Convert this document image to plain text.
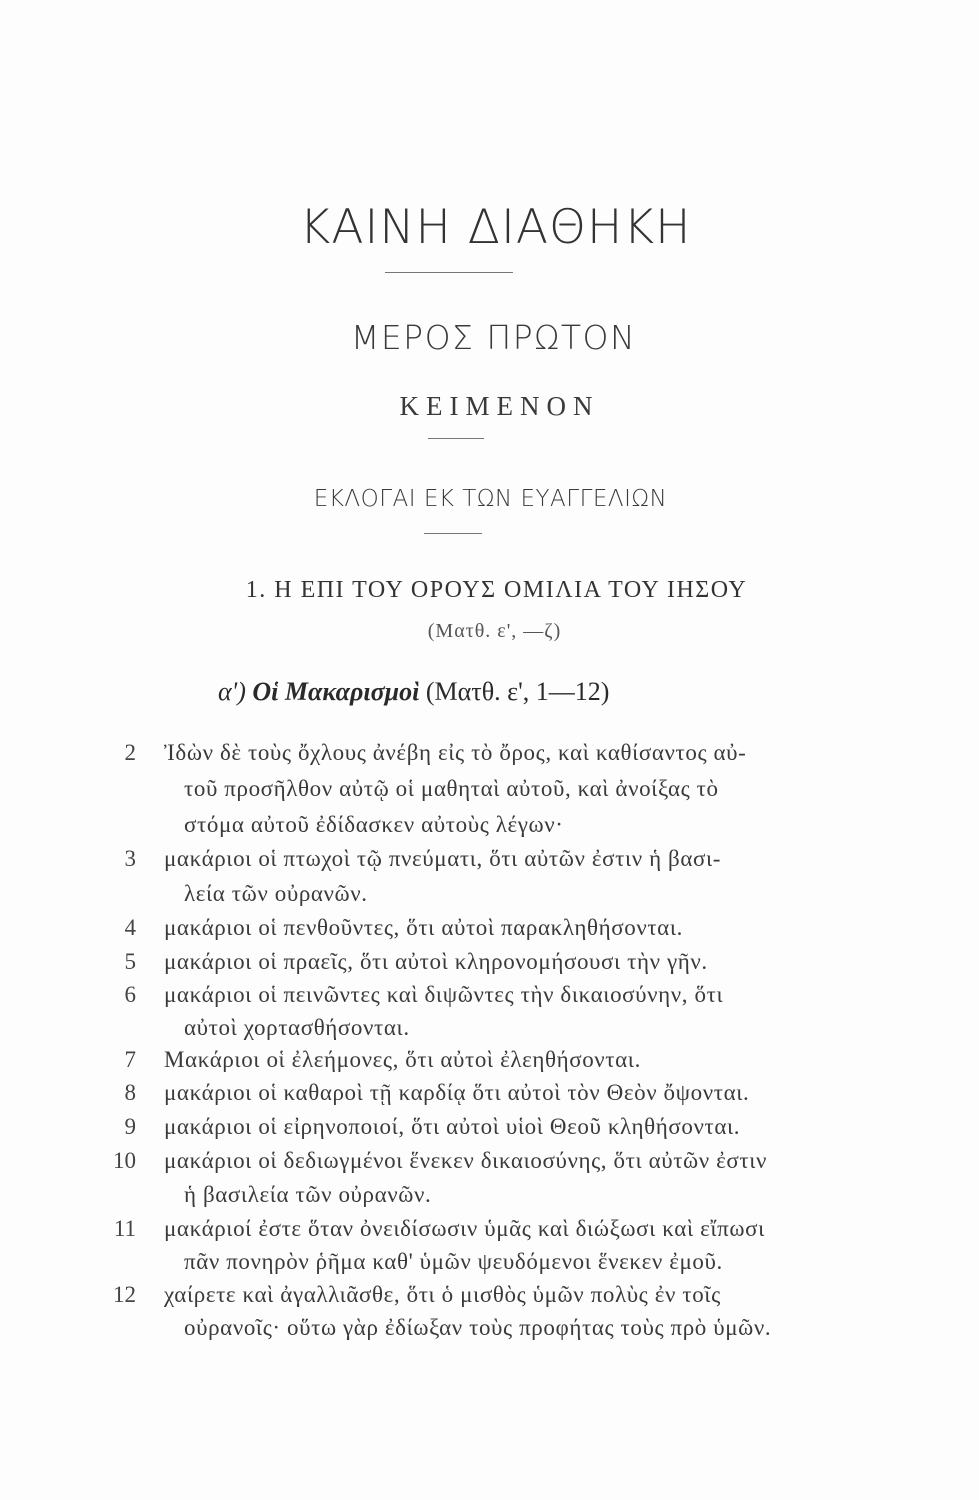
ΚΑΙΝΗ ΔΙΑΘΗΚΗ
ΜΕΡΟΣ ΠΡΩΤΟΝ
ΚΕΙΜΕΝΟΝ
ΕΚΛΟΓΑΙ ΕΚ ΤΩΝ ΕΥΑΓΓΕΛΙΩΝ
1. Η ΕΠΙ ΤΟΥ ΟΡΟΥΣ ΟΜΙΛΙΑ ΤΟΥ ΙΗΣΟΥ
(Ματθ. ε', —ζ)
α') Οἱ Μακαρισμοὶ (Ματθ. ε', 1—12)
2 Ἰδὼν δὲ τοὺς ὄχλους ἀνέβη εἰς τὸ ὄρος, καὶ καθίσαντος αὐ-
τοῦ προσῆλθον αὐτῷ οἱ μαθηταὶ αὐτοῦ, καὶ ἀνοίξας τὸ
στόμα αὐτοῦ ἐδίδασκεν αὐτοὺς λέγων·
3 μακάριοι οἱ πτωχοὶ τῷ πνεύματι, ὅτι αὐτῶν ἐστιν ἡ βασι-
λεία τῶν οὐρανῶν.
4 μακάριοι οἱ πενθοῦντες, ὅτι αὐτοὶ παρακληθήσονται.
5 μακάριοι οἱ πραεῖς, ὅτι αὐτοὶ κληρονομήσουσι τὴν γῆν.
6 μακάριοι οἱ πεινῶντες καὶ διψῶντες τὴν δικαιοσύνην, ὅτι
αὐτοὶ χορτασθήσονται.
7 Μακάριοι οἱ ἐλεήμονες, ὅτι αὐτοὶ ἐλεηθήσονται.
8 μακάριοι οἱ καθαροὶ τῇ καρδίᾳ ὅτι αὐτοὶ τὸν Θεὸν ὄψονται.
9 μακάριοι οἱ εἰρηνοποιοί, ὅτι αὐτοὶ υἱοὶ Θεοῦ κληθήσονται.
10 μακάριοι οἱ δεδιωγμένοι ἕνεκεν δικαιοσύνης, ὅτι αὐτῶν ἐστιν
ἡ βασιλεία τῶν οὐρανῶν.
11 μακάριοί ἐστε ὅταν ὀνειδίσωσιν ὑμᾶς καὶ διώξωσι καὶ εἴπωσι
πᾶν πονηρὸν ῥῆμα καθ' ὑμῶν ψευδόμενοι ἕνεκεν ἐμοῦ.
12 χαίρετε καὶ ἀγαλλιᾶσθε, ὅτι ὁ μισθὸς ὑμῶν πολὺς ἐν τοῖς
οὐρανοῖς· οὕτω γὰρ ἐδίωξαν τοὺς προφήτας τοὺς πρὸ ὑμῶν.
